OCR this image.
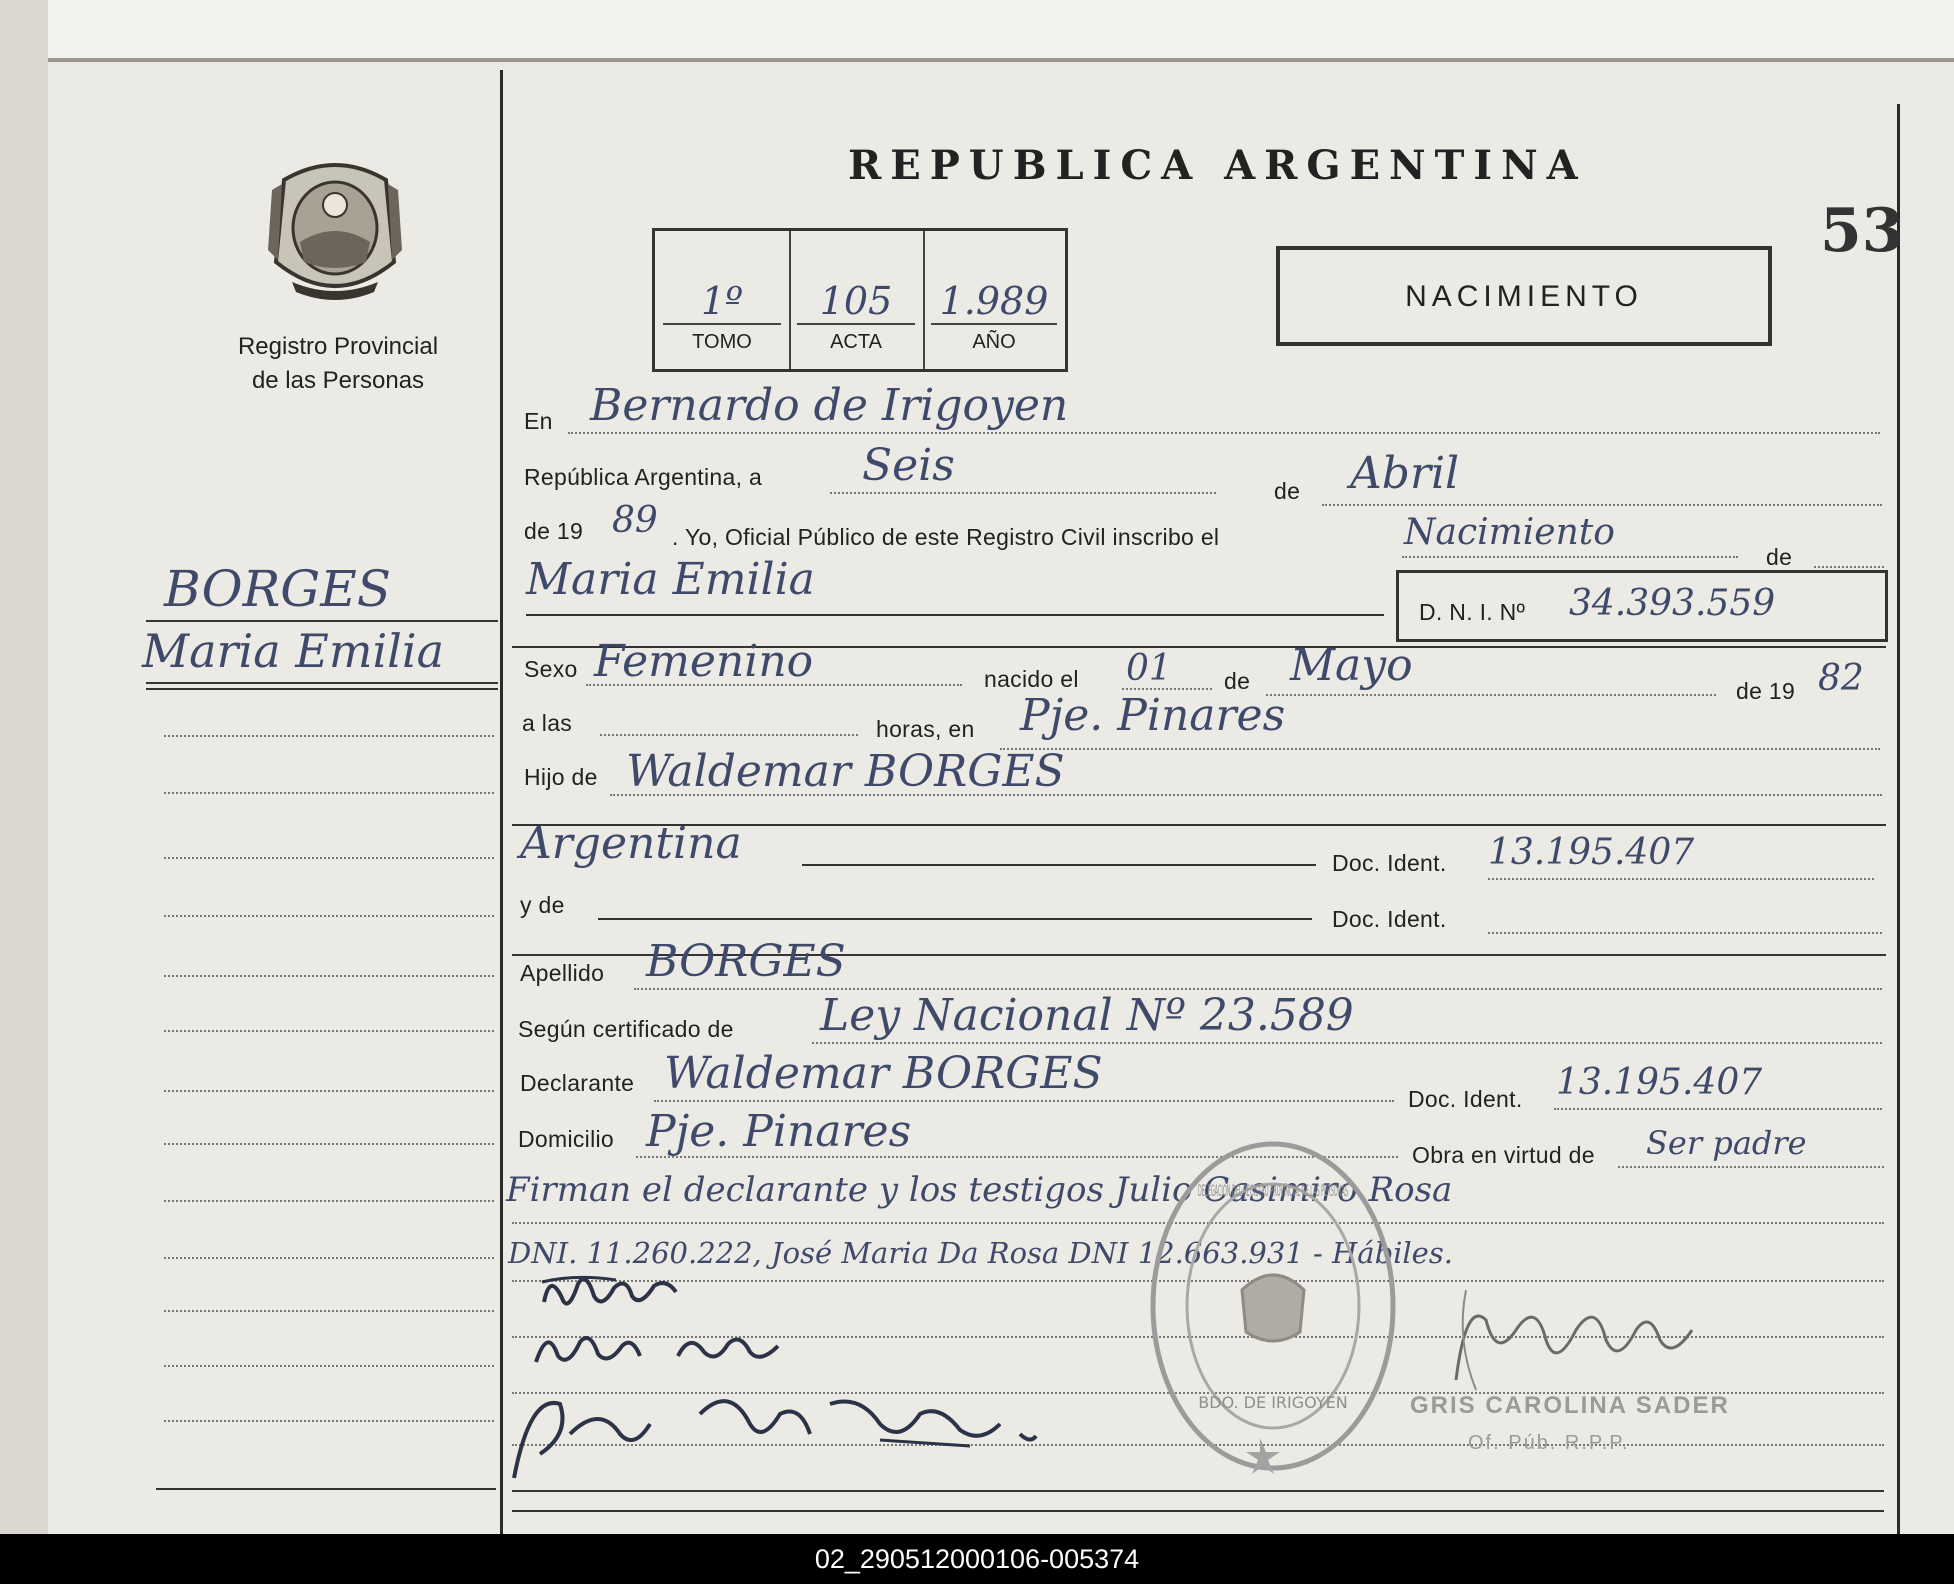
Registro Provincial
de las Personas
BORGES
Maria Emilia
REPUBLICA ARGENTINA
53
1º
TOMO
105
ACTA
1.989
AÑO
NACIMIENTO
En Bernardo de Irigoyen
República Argentina, a Seis	de Abril
de 19 89 . Yo, Oficial Público de este Registro Civil inscribo el	Nacimiento
de
Maria Emilia
D. N. I. Nº 34.393.559
Sexo Femenino	nacido el 01 de Mayo	de 19 82
a las	horas, en Pje. Pinares
Hijo de Waldemar BORGES
Argentina	Doc. Ident. 13.195.407
y de
Doc. Ident.
Apellido BORGES
Según certificado de Ley Nacional Nº 23.589
Declarante Waldemar BORGES	Doc. Ident. 13.195.407
Domicilio Pje. Pinares	Obra en virtud de Ser padre
Firman el declarante y los testigos Julio Casimiro Rosa
DNI. 11.260.222, José Maria Da Rosa DNI 12.663.931 - Hábiles.
DELEGACIÓN DEL REGISTRO PROVINCIAL DE LAS PERSONAS
BDO. DE IRIGOYEN	GRIS CAROLINA SADER
Of. Púb. R.P.P.
02_290512000106-005374
